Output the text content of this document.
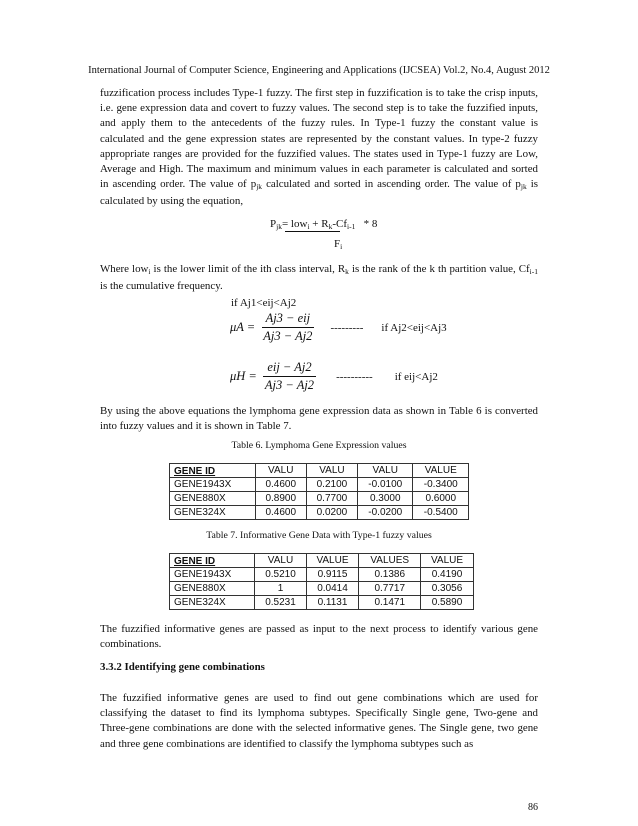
International Journal of Computer Science, Engineering and Applications (IJCSEA) Vol.2, No.4, August 2012
fuzzification process includes Type-1 fuzzy. The first step in fuzzification is to take the crisp inputs, i.e. gene expression data and covert to fuzzy values. The second step is to take the fuzzified inputs, and apply them to the antecedents of the fuzzy rules. In Type-1 fuzzy the constant value is calculated and the gene expression states are represented by the constant values. In type-2 fuzzy appropriate ranges are provided for the fuzzified values. The states used in Type-1 fuzzy are Low, Average and High. The maximum and minimum values in each parameter is calculated and sorted in ascending order. The value of $p_{jk}$ calculated and sorted in ascending order. The value of $p_{jk}$ is calculated by using the equation,
$P_{jk}= low_i + R_k-Cf_{i-1} * 8$
$F_i$
Where low$_i$ is the lower limit of the ith class interval, $R_k$ is the rank of the k th partition value, $Cf_{i-1}$ is the cumulative frequency.
if Aj1<eij<Aj2
$\mu A = \frac{\text{Aj3 − eij}}{Aj3 - Aj2}$ --------- if Aj2<eij<Aj3
$\mu H = \frac{\text{eij − Aj2}}{Aj3 - Aj2}$ ---------- if eij<Aj2
By using the above equations the lymphoma gene expression data as shown in Table 6 is converted into fuzzy values and it is shown in Table 7.
Table 6. Lymphoma Gene Expression values
GENE ID	VALU	VALU	VALU	VALUE
GENE1943X	0.4600	0.2100	-0.0100	-0.3400
GENE880X	0.8900	0.7700	0.3000	0.6000
GENE324X	0.4600	0.0200	-0.0200	-0.5400
Table 7. Informative Gene Data with Type-1 fuzzy values
GENE ID	VALU	VALUE	VALUES	VALUE
GENE1943X	0.5210	0.9115	0.1386	0.4190
GENE880X	1	0.0414	0.7717	0.3056
GENE324X	0.5231	0.1131	0.1471	0.5890
The fuzzified informative genes are passed as input to the next process to identify various gene combinations.
3.3.2 Identifying gene combinations
The fuzzified informative genes are used to find out gene combinations which are used for classifying the dataset to find its lymphoma subtypes. Specifically Single gene, Two-gene and Three-gene combinations are done with the selected informative genes. The Single gene, two gene and three gene combinations are identified to classify the lymphoma subtypes such as
86
